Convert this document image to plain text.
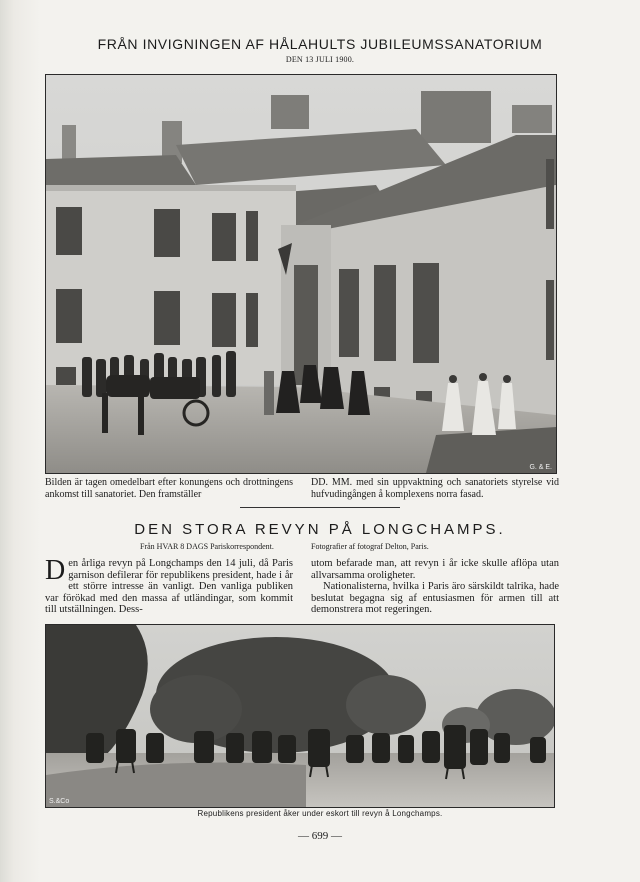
FRÅN INVIGNINGEN AF HÅLAHULTS JUBILEUMSSANATORIUM
DEN 13 JULI 1900.
G. & E.
Bilden är tagen omedelbart efter konungens och drottningens ankomst till sanatoriet. Den framställer
DD. MM. med sin uppvaktning och sanatoriets styrelse vid hufvudingången å komplexens norra fasad.
DEN STORA REVYN PÅ LONGCHAMPS.
Från HVAR 8 DAGS Pariskorrespondent.	Fotografier af fotograf Delton, Paris.
Den årliga revyn på Longchamps den 14 juli, då Paris garnison defilerar för republikens president, hade i år ett större intresse än vanligt. Den vanliga publiken var förökad med den massa af utländingar, som kommit till utställningen. Dess-
utom befarade man, att revyn i år icke skulle aflöpa utan allvarsamma oroligheter.
Nationalisterna, hvilka i Paris äro särskildt talrika, hade beslutat begagna sig af entusiasmen för armen till att demonstrera mot regeringen.
S.&Co
Republikens president åker under eskort till revyn å Longchamps.
— 699 —
